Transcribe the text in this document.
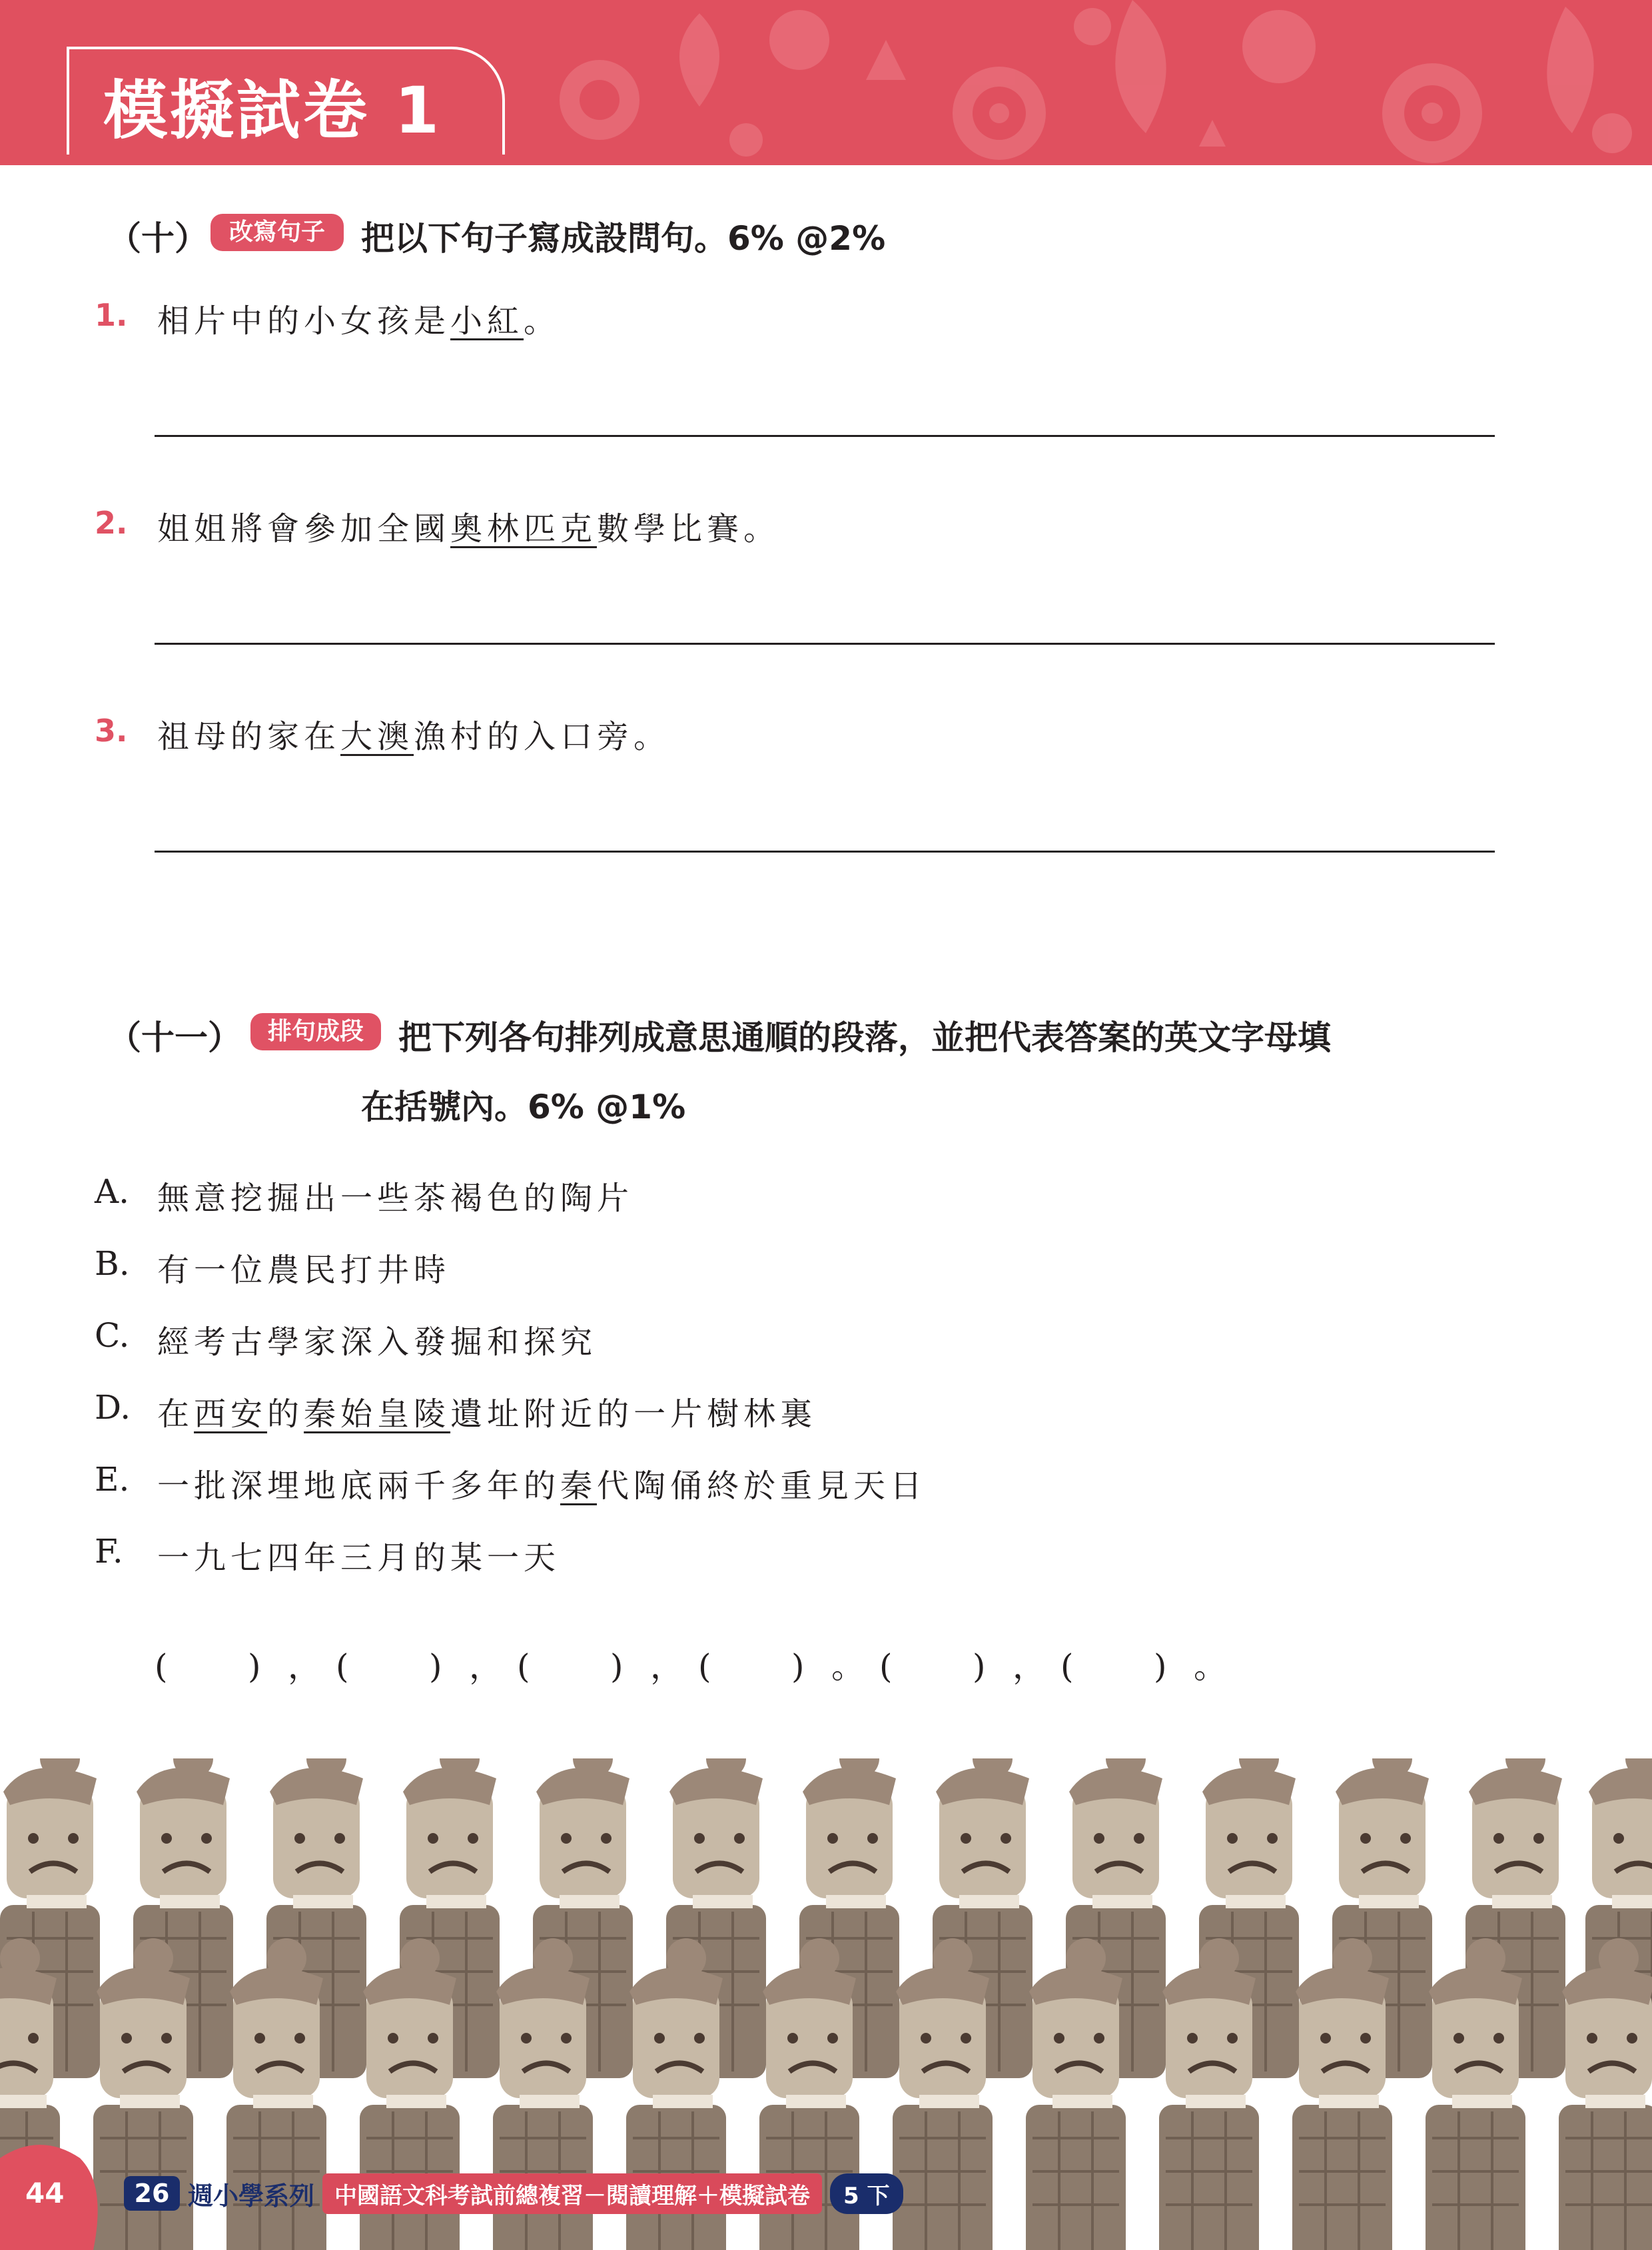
模擬試卷 1
（十） 改寫句子	把以下句子寫成設問句。6% @2%
1. 相片中的小女孩是小紅。
2. 姐姐將會參加全國奧林匹克數學比賽。
3. 祖母的家在大澳漁村的入口旁。
（十一）	排句成段	把下列各句排列成意思通順的段落，並把代表答案的英文字母填
在括號內。6% @1%
A. 無意挖掘出一些茶褐色的陶片
B. 有一位農民打井時
C. 經考古學家深入發掘和探究
D. 在西安的秦始皇陵遺址附近的一片樹林裏
E. 一批深埋地底兩千多年的秦代陶俑終於重見天日
F. 一九七四年三月的某一天
( ) ， ( ) ， ( ) ， ( ) 。 ( ) ， ( ) 。
44	26 週小學系列 中國語文科考試前總複習－閱讀理解＋模擬試卷	5 下
